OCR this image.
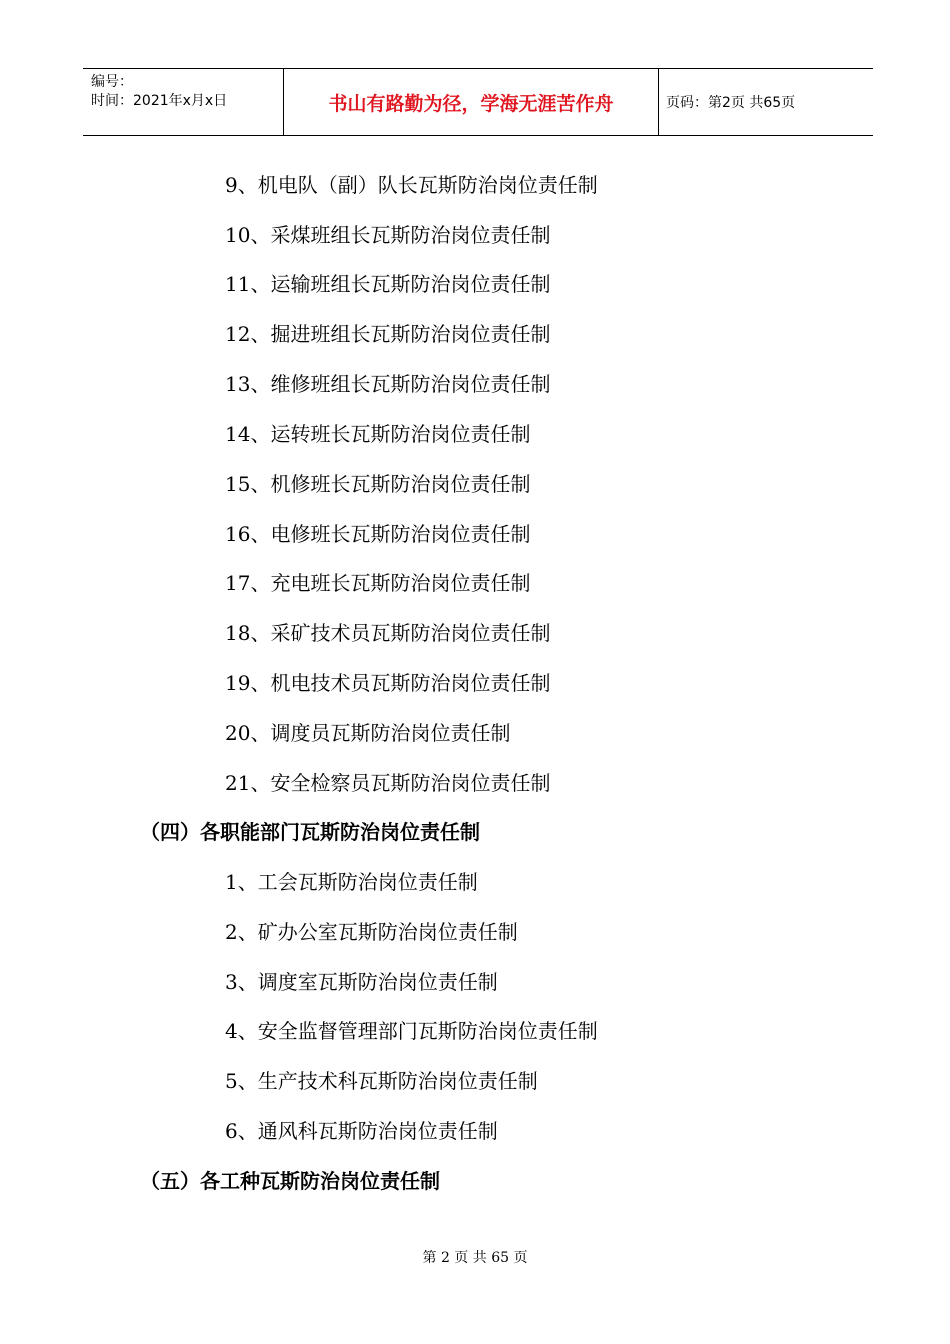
编号：
时间：2021年x月x日	书山有路勤为径，学海无涯苦作舟	页码：第2页 共65页
9、机电队（副）队长瓦斯防治岗位责任制
10、采煤班组长瓦斯防治岗位责任制
11、运输班组长瓦斯防治岗位责任制
12、掘进班组长瓦斯防治岗位责任制
13、维修班组长瓦斯防治岗位责任制
14、运转班长瓦斯防治岗位责任制
15、机修班长瓦斯防治岗位责任制
16、电修班长瓦斯防治岗位责任制
17、充电班长瓦斯防治岗位责任制
18、采矿技术员瓦斯防治岗位责任制
19、机电技术员瓦斯防治岗位责任制
20、调度员瓦斯防治岗位责任制
21、安全检察员瓦斯防治岗位责任制
（四）各职能部门瓦斯防治岗位责任制
1、工会瓦斯防治岗位责任制
2、矿办公室瓦斯防治岗位责任制
3、调度室瓦斯防治岗位责任制
4、安全监督管理部门瓦斯防治岗位责任制
5、生产技术科瓦斯防治岗位责任制
6、通风科瓦斯防治岗位责任制
（五）各工种瓦斯防治岗位责任制
第 2 页 共 65 页
